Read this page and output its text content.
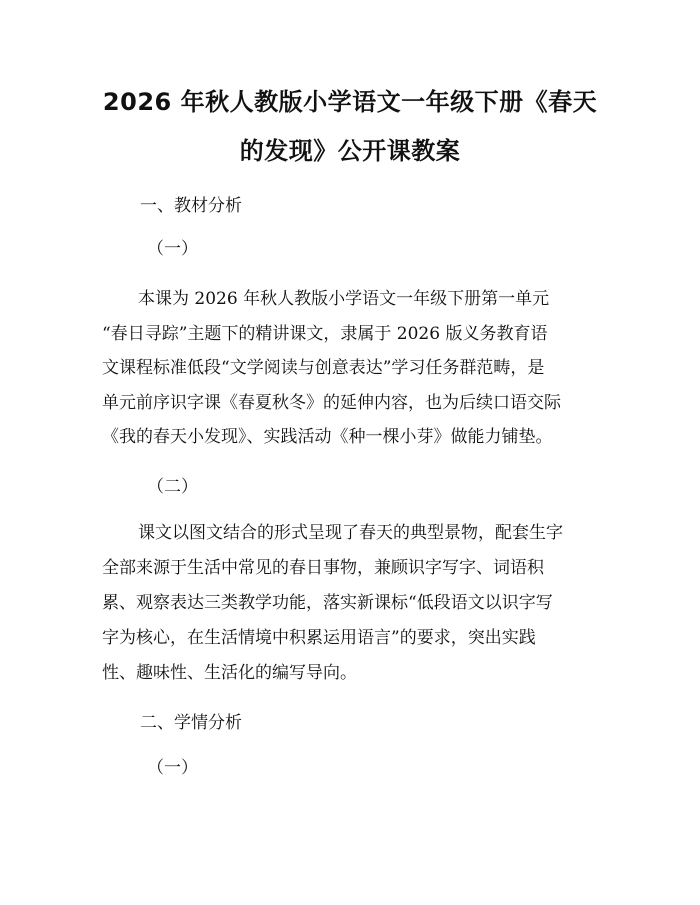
2026 年秋人教版小学语文一年级下册《春天
的发现》公开课教案
一、教材分析
（一）
本课为 2026 年秋人教版小学语文一年级下册第一单元
“春日寻踪”主题下的精讲课文，隶属于 2026 版义务教育语
文课程标准低段“文学阅读与创意表达”学习任务群范畴，是
单元前序识字课《春夏秋冬》的延伸内容，也为后续口语交际
《我的春天小发现》、实践活动《种一棵小芽》做能力铺垫。
（二）
课文以图文结合的形式呈现了春天的典型景物，配套生字
全部来源于生活中常见的春日事物，兼顾识字写字、词语积
累、观察表达三类教学功能，落实新课标“低段语文以识字写
字为核心，在生活情境中积累运用语言”的要求，突出实践
性、趣味性、生活化的编写导向。
二、学情分析
（一）
